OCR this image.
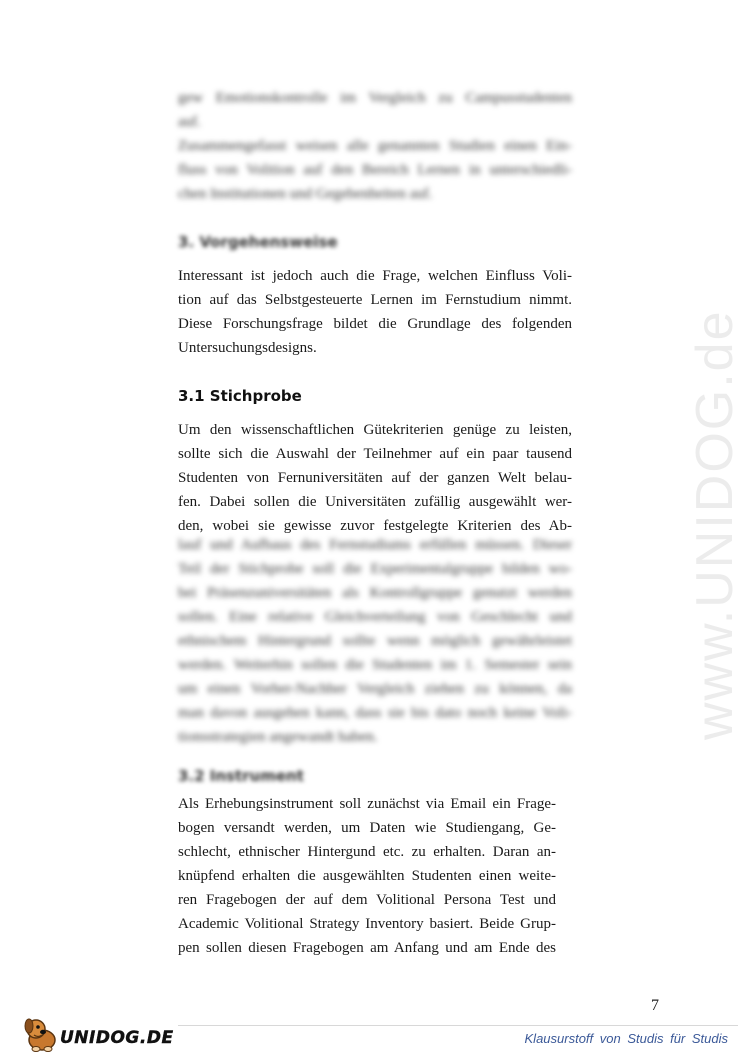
www.UNIDOG.de
gew Emotionskontrolle im Vergleich zu Campusstudenten
auf.
Zusammengefasst weisen alle genannten Studien einen Ein-
fluss von Volition auf den Bereich Lernen in unterschiedli-
chen Institutionen und Gegebenheiten auf.
3. Vorgehensweise
Interessant ist jedoch auch die Frage, welchen Einfluss Voli-
tion auf das Selbstgesteuerte Lernen im Fernstudium nimmt.
Diese Forschungsfrage bildet die Grundlage des folgenden
Untersuchungsdesigns.
3.1 Stichprobe
Um den wissenschaftlichen Gütekriterien genüge zu leisten,
sollte sich die Auswahl der Teilnehmer auf ein paar tausend
Studenten von Fernuniversitäten auf der ganzen Welt belau-
fen. Dabei sollen die Universitäten zufällig ausgewählt wer-
den, wobei sie gewisse zuvor festgelegte Kriterien des Ab-
lauf und Aufbaus des Fernstudiums erfüllen müssen. Dieser
Teil der Stichprobe soll die Experimentalgruppe bilden wo-
bei Präsenzuniversitäten als Kontrollgruppe genutzt werden
sollen. Eine relative Gleichverteilung von Geschlecht und
ethnischem Hintergrund sollte wenn möglich gewährleistet
werden. Weiterhin sollen die Studenten im 1. Semester sein
um einen Vorher-Nachher Vergleich ziehen zu können, da
man davon ausgehen kann, dass sie bis dato noch keine Voli-
tionsstrategien angewandt haben.
3.2 Instrument
Als Erhebungsinstrument soll zunächst via Email ein Frage-
bogen versandt werden, um Daten wie Studiengang, Ge-
schlecht, ethnischer Hintergund etc. zu erhalten. Daran an-
knüpfend erhalten die ausgewählten Studenten einen weite-
ren Fragebogen der auf dem Volitional Persona Test und
Academic Volitional Strategy Inventory basiert. Beide Grup-
pen sollen diesen Fragebogen am Anfang und am Ende des
7
UNIDOG.DE	Klausurstoff von Studis für Studis
